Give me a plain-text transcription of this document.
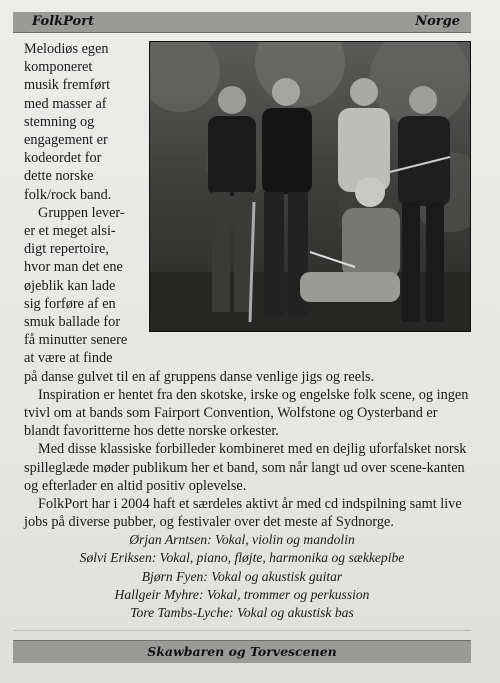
FolkPort	Norge
Melodiøs egen
komponeret
musik fremført
med masser af
stemning og
engagement er
kodeordet for
dette norske
folk/rock band.
Gruppen lever-
er et meget alsi-
digt repertoire,
hvor man det ene
øjeblik kan lade
sig forføre af en
smuk ballade for
få minutter senere
at være at finde

på danse gulvet til en af gruppens danse venlige jigs og reels.

Inspiration er hentet fra den skotske, irske og engelske folk scene, og ingen tvivl om at bands som Fairport Convention, Wolfstone og Oysterband er blandt favoritterne hos dette norske orkester.

Med disse klassiske forbilleder kombineret med en dejlig uforfalsket norsk spilleglæde møder publikum her et band, som når langt ud over scene-kanten og efterlader en altid positiv oplevelse.

FolkPort har i 2004 haft et særdeles aktivt år med cd indspilning samt live jobs på diverse pubber, og festivaler over det meste af Sydnorge.

Ørjan Arntsen: Vokal, violin og mandolin
Sølvi Eriksen: Vokal, piano, fløjte, harmonika og sækkepibe
Bjørn Fyen: Vokal og akustisk guitar
Hallgeir Myhre: Vokal, trommer og perkussion
Tore Tambs-Lyche: Vokal og akustisk bas
Skawbaren og Torvescenen
